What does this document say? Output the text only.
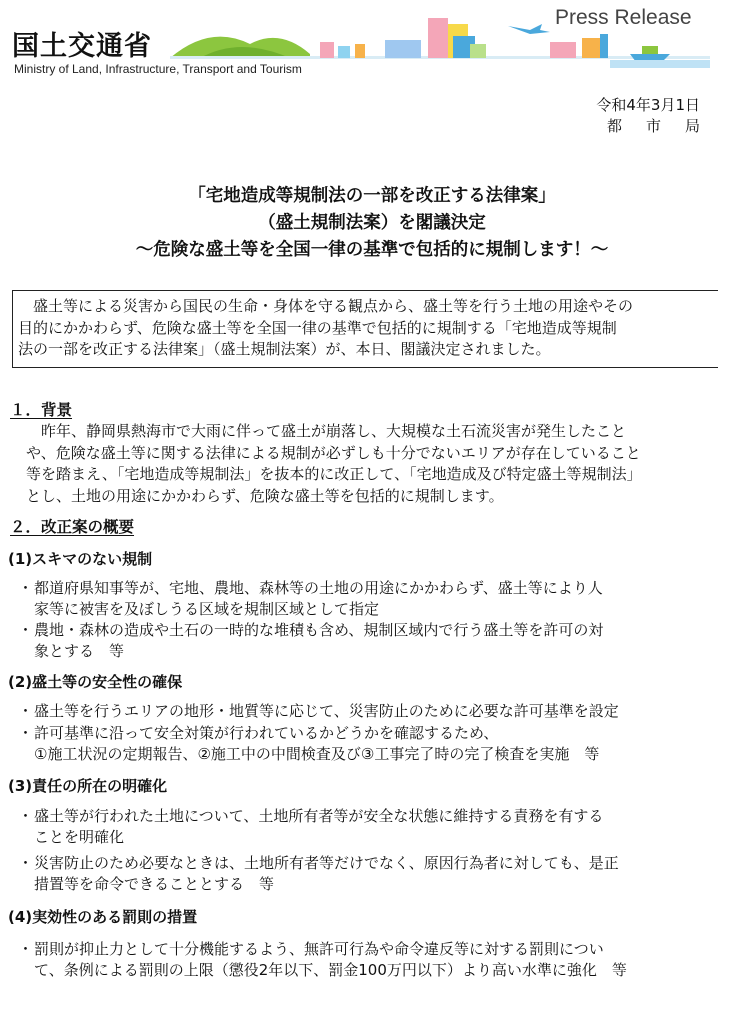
国土交通省
Ministry of Land, Infrastructure, Transport and Tourism
Press Release
令和4年3月1日
都市局
「宅地造成等規制法の一部を改正する法律案」
（盛土規制法案）を閣議決定
～危険な盛土等を全国一律の基準で包括的に規制します！～
　盛土等による災害から国民の生命・身体を守る観点から、盛土等を行う土地の用途やその
目的にかかわらず、危険な盛土等を全国一律の基準で包括的に規制する「宅地造成等規制
法の一部を改正する法律案」（盛土規制法案）が、本日、閣議決定されました。
１．背景
　昨年、静岡県熱海市で大雨に伴って盛土が崩落し、大規模な土石流災害が発生したこと
や、危険な盛土等に関する法律による規制が必ずしも十分でないエリアが存在していること
等を踏まえ、「宅地造成等規制法」を抜本的に改正して、「宅地造成及び特定盛土等規制法」
とし、土地の用途にかかわらず、危険な盛土等を包括的に規制します。
２．改正案の概要
(1)スキマのない規制
・ 都道府県知事等が、宅地、農地、森林等の土地の用途にかかわらず、盛土等により人
家等に被害を及ぼしうる区域を規制区域として指定
・ 農地・森林の造成や土石の一時的な堆積も含め、規制区域内で行う盛土等を許可の対
象とする　等
(2)盛土等の安全性の確保
・ 盛土等を行うエリアの地形・地質等に応じて、災害防止のために必要な許可基準を設定
・ 許可基準に沿って安全対策が行われているかどうかを確認するため、
①施工状況の定期報告、②施工中の中間検査及び③工事完了時の完了検査を実施　等
(3)責任の所在の明確化
・ 盛土等が行われた土地について、土地所有者等が安全な状態に維持する責務を有する
ことを明確化
・ 災害防止のため必要なときは、土地所有者等だけでなく、原因行為者に対しても、是正
措置等を命令できることとする　等
(4)実効性のある罰則の措置
・ 罰則が抑止力として十分機能するよう、無許可行為や命令違反等に対する罰則につい
て、条例による罰則の上限（懲役2年以下、罰金100万円以下）より高い水準に強化　等
